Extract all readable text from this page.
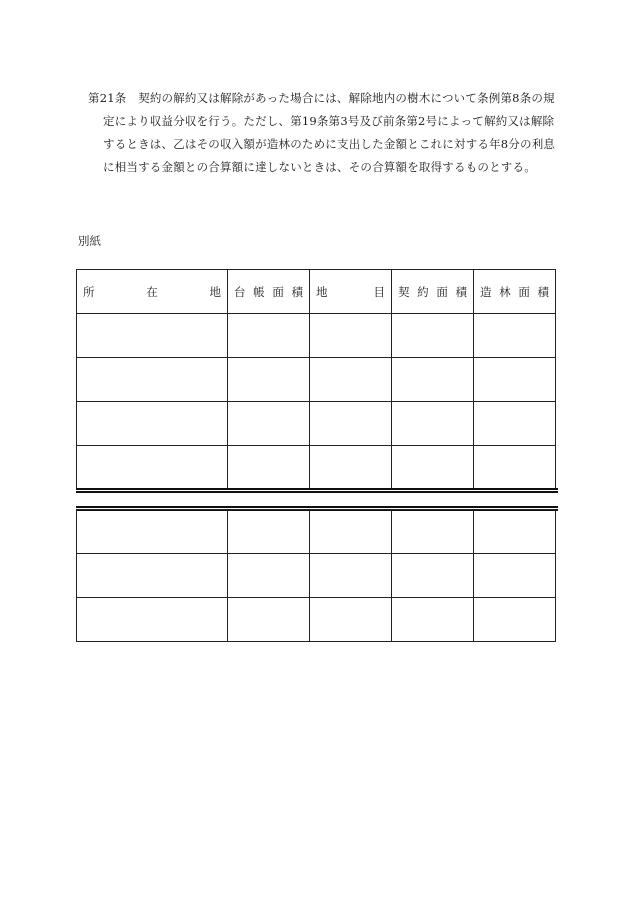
第21条　契約の解約又は解除があった場合には、解除地内の樹木について条例第8条の規定により収益分収を行う。ただし、第19条第3号及び前条第2号によって解約又は解除するときは、乙はその収入額が造林のために支出した金額とこれに対する年8分の利息に相当する金額との合算額に達しないときは、その合算額を取得するものとする。

別紙
所 在 地	台 帳 面 積	地 目	契 約 面 積	造 林 面 積
